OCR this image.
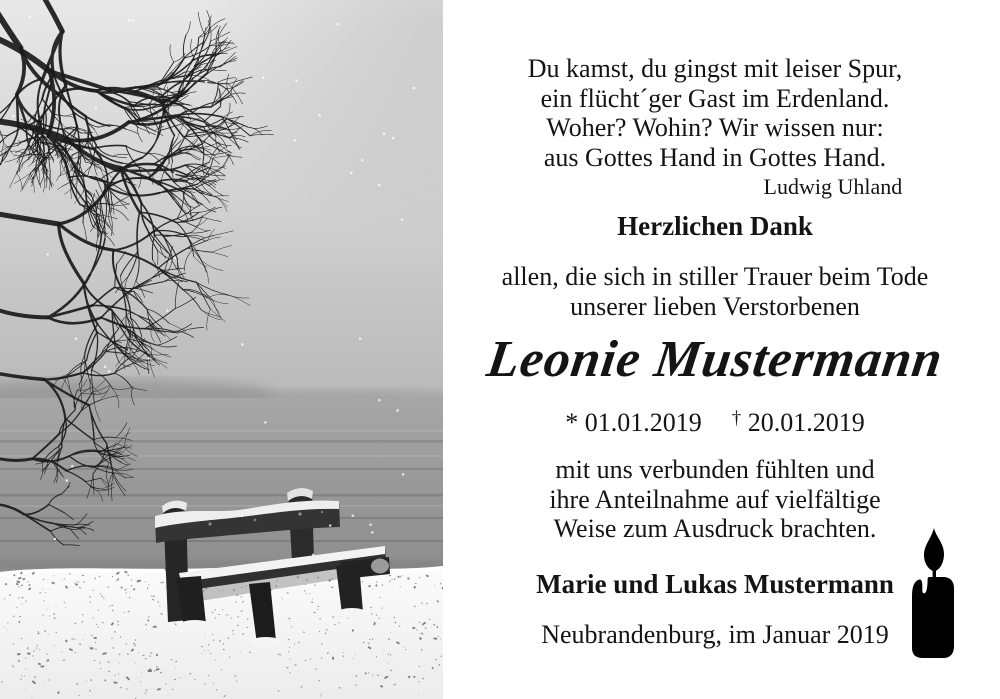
Du kamst, du gingst mit leiser Spur,
ein flücht´ger Gast im Erdenland.
Woher? Wohin? Wir wissen nur:
aus Gottes Hand in Gottes Hand.
Ludwig Uhland
Herzlichen Dank
allen, die sich in stiller Trauer beim Tode
unserer lieben Verstorbenen
Leonie Mustermann
* 01.01.2019 † 20.01.2019
mit uns verbunden fühlten und
ihre Anteilnahme auf vielfältige
Weise zum Ausdruck brachten.
Marie und Lukas Mustermann
Neubrandenburg, im Januar 2019
